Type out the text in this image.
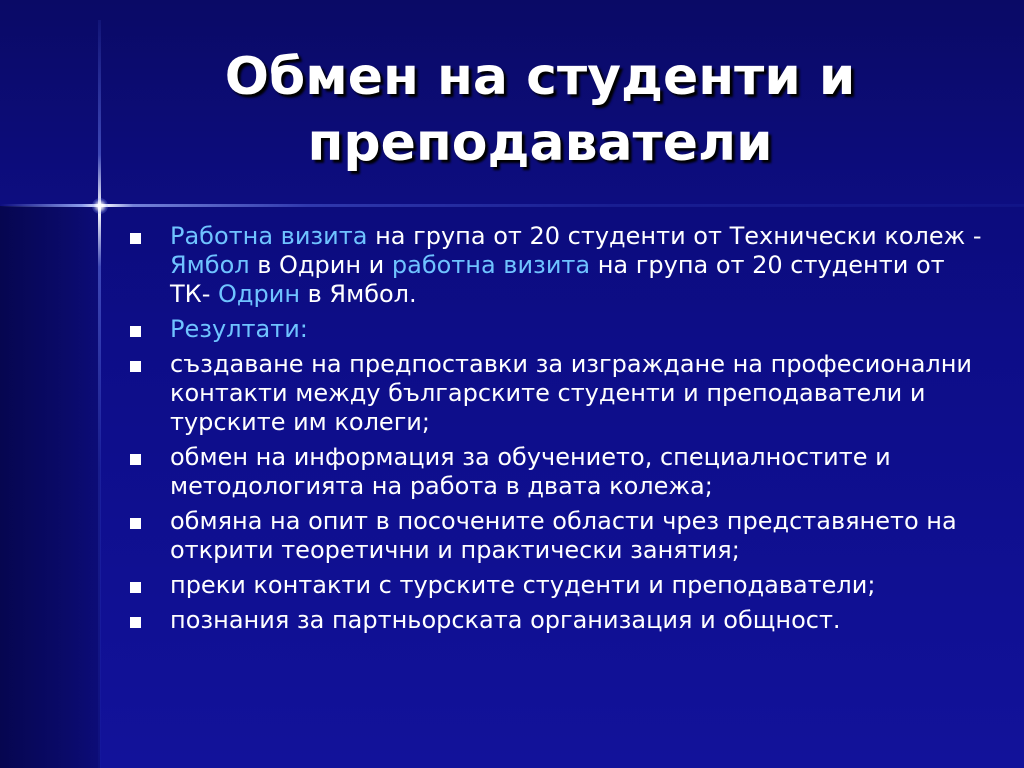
Обмен на студенти и
преподаватели
Работна визита на група от 20 студенти от Технически колеж - Ямбол в Одрин и работна визита на група от 20 студенти от ТК- Одрин в Ямбол.
Резултати:
създаване на предпоставки за изграждане на професионални контакти между българските студенти и преподаватели и турските им колеги;
обмен на информация за обучението, специалностите и методологията на работа в двата колежа;
обмяна на опит в посочените области чрез представянето на открити теоретични и практически занятия;
преки контакти с турските студенти и преподаватели;
познания за партньорската организация и общност.
